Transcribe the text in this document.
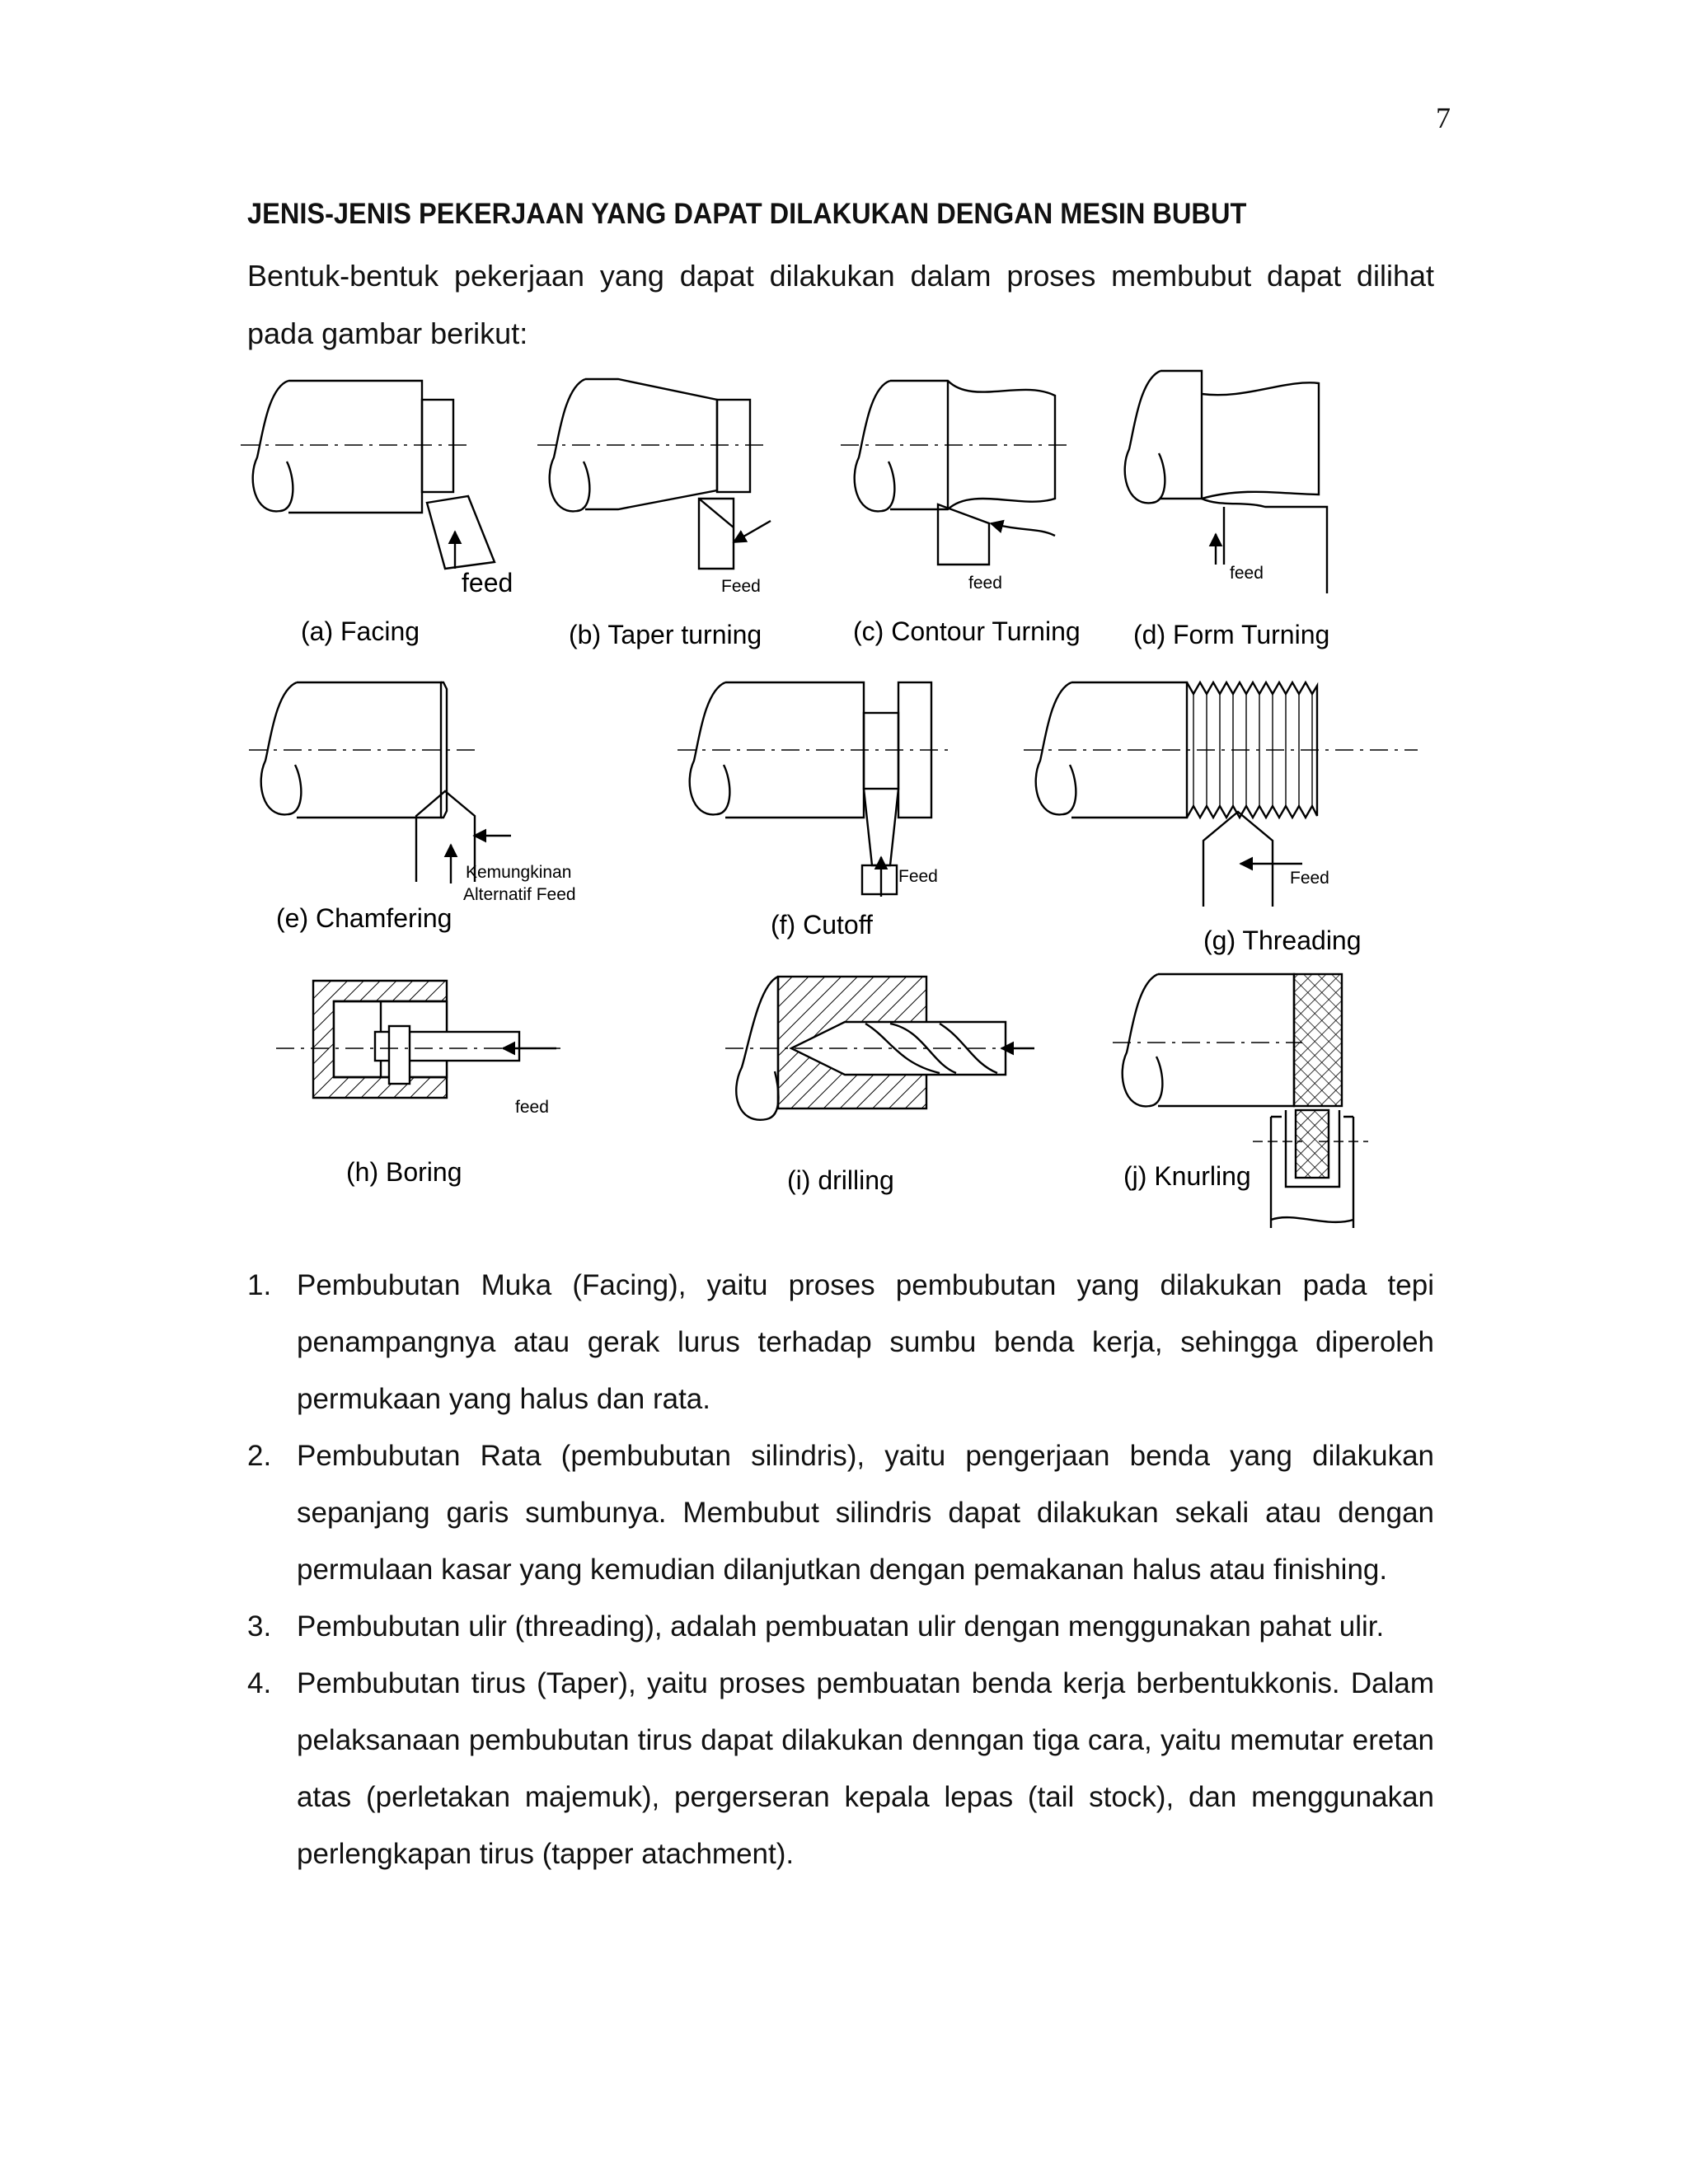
7
JENIS-JENIS PEKERJAAN YANG DAPAT DILAKUKAN DENGAN MESIN BUBUT
Bentuk-bentuk pekerjaan yang dapat dilakukan dalam proses membubut dapat dilihat pada gambar berikut:
(a) Facing	(b) Taper turning	(c) Contour Turning (d) Form Turning
feed	Feed	feed
feed
(e) Chamfering	(f) Cutoff
(g) Threading
Kemungkinan
Alternatif Feed
Feed	Feed
(h) Boring	(i) drilling	(j) Knurling
feed
1. Pembubutan Muka (Facing), yaitu proses pembubutan yang dilakukan pada tepi penampangnya atau gerak lurus terhadap sumbu benda kerja, sehingga diperoleh permukaan yang halus dan rata.
2. Pembubutan Rata (pembubutan silindris), yaitu pengerjaan benda yang dilakukan sepanjang garis sumbunya. Membubut silindris dapat dilakukan sekali atau dengan permulaan kasar yang kemudian dilanjutkan dengan pemakanan halus atau finishing.
3. Pembubutan ulir (threading), adalah pembuatan ulir dengan menggunakan pahat ulir.
4. Pembubutan tirus (Taper), yaitu proses pembuatan benda kerja berbentukkonis. Dalam pelaksanaan pembubutan tirus dapat dilakukan denngan tiga cara, yaitu memutar eretan atas (perletakan majemuk), pergerseran kepala lepas (tail stock), dan menggunakan perlengkapan tirus (tapper atachment).
